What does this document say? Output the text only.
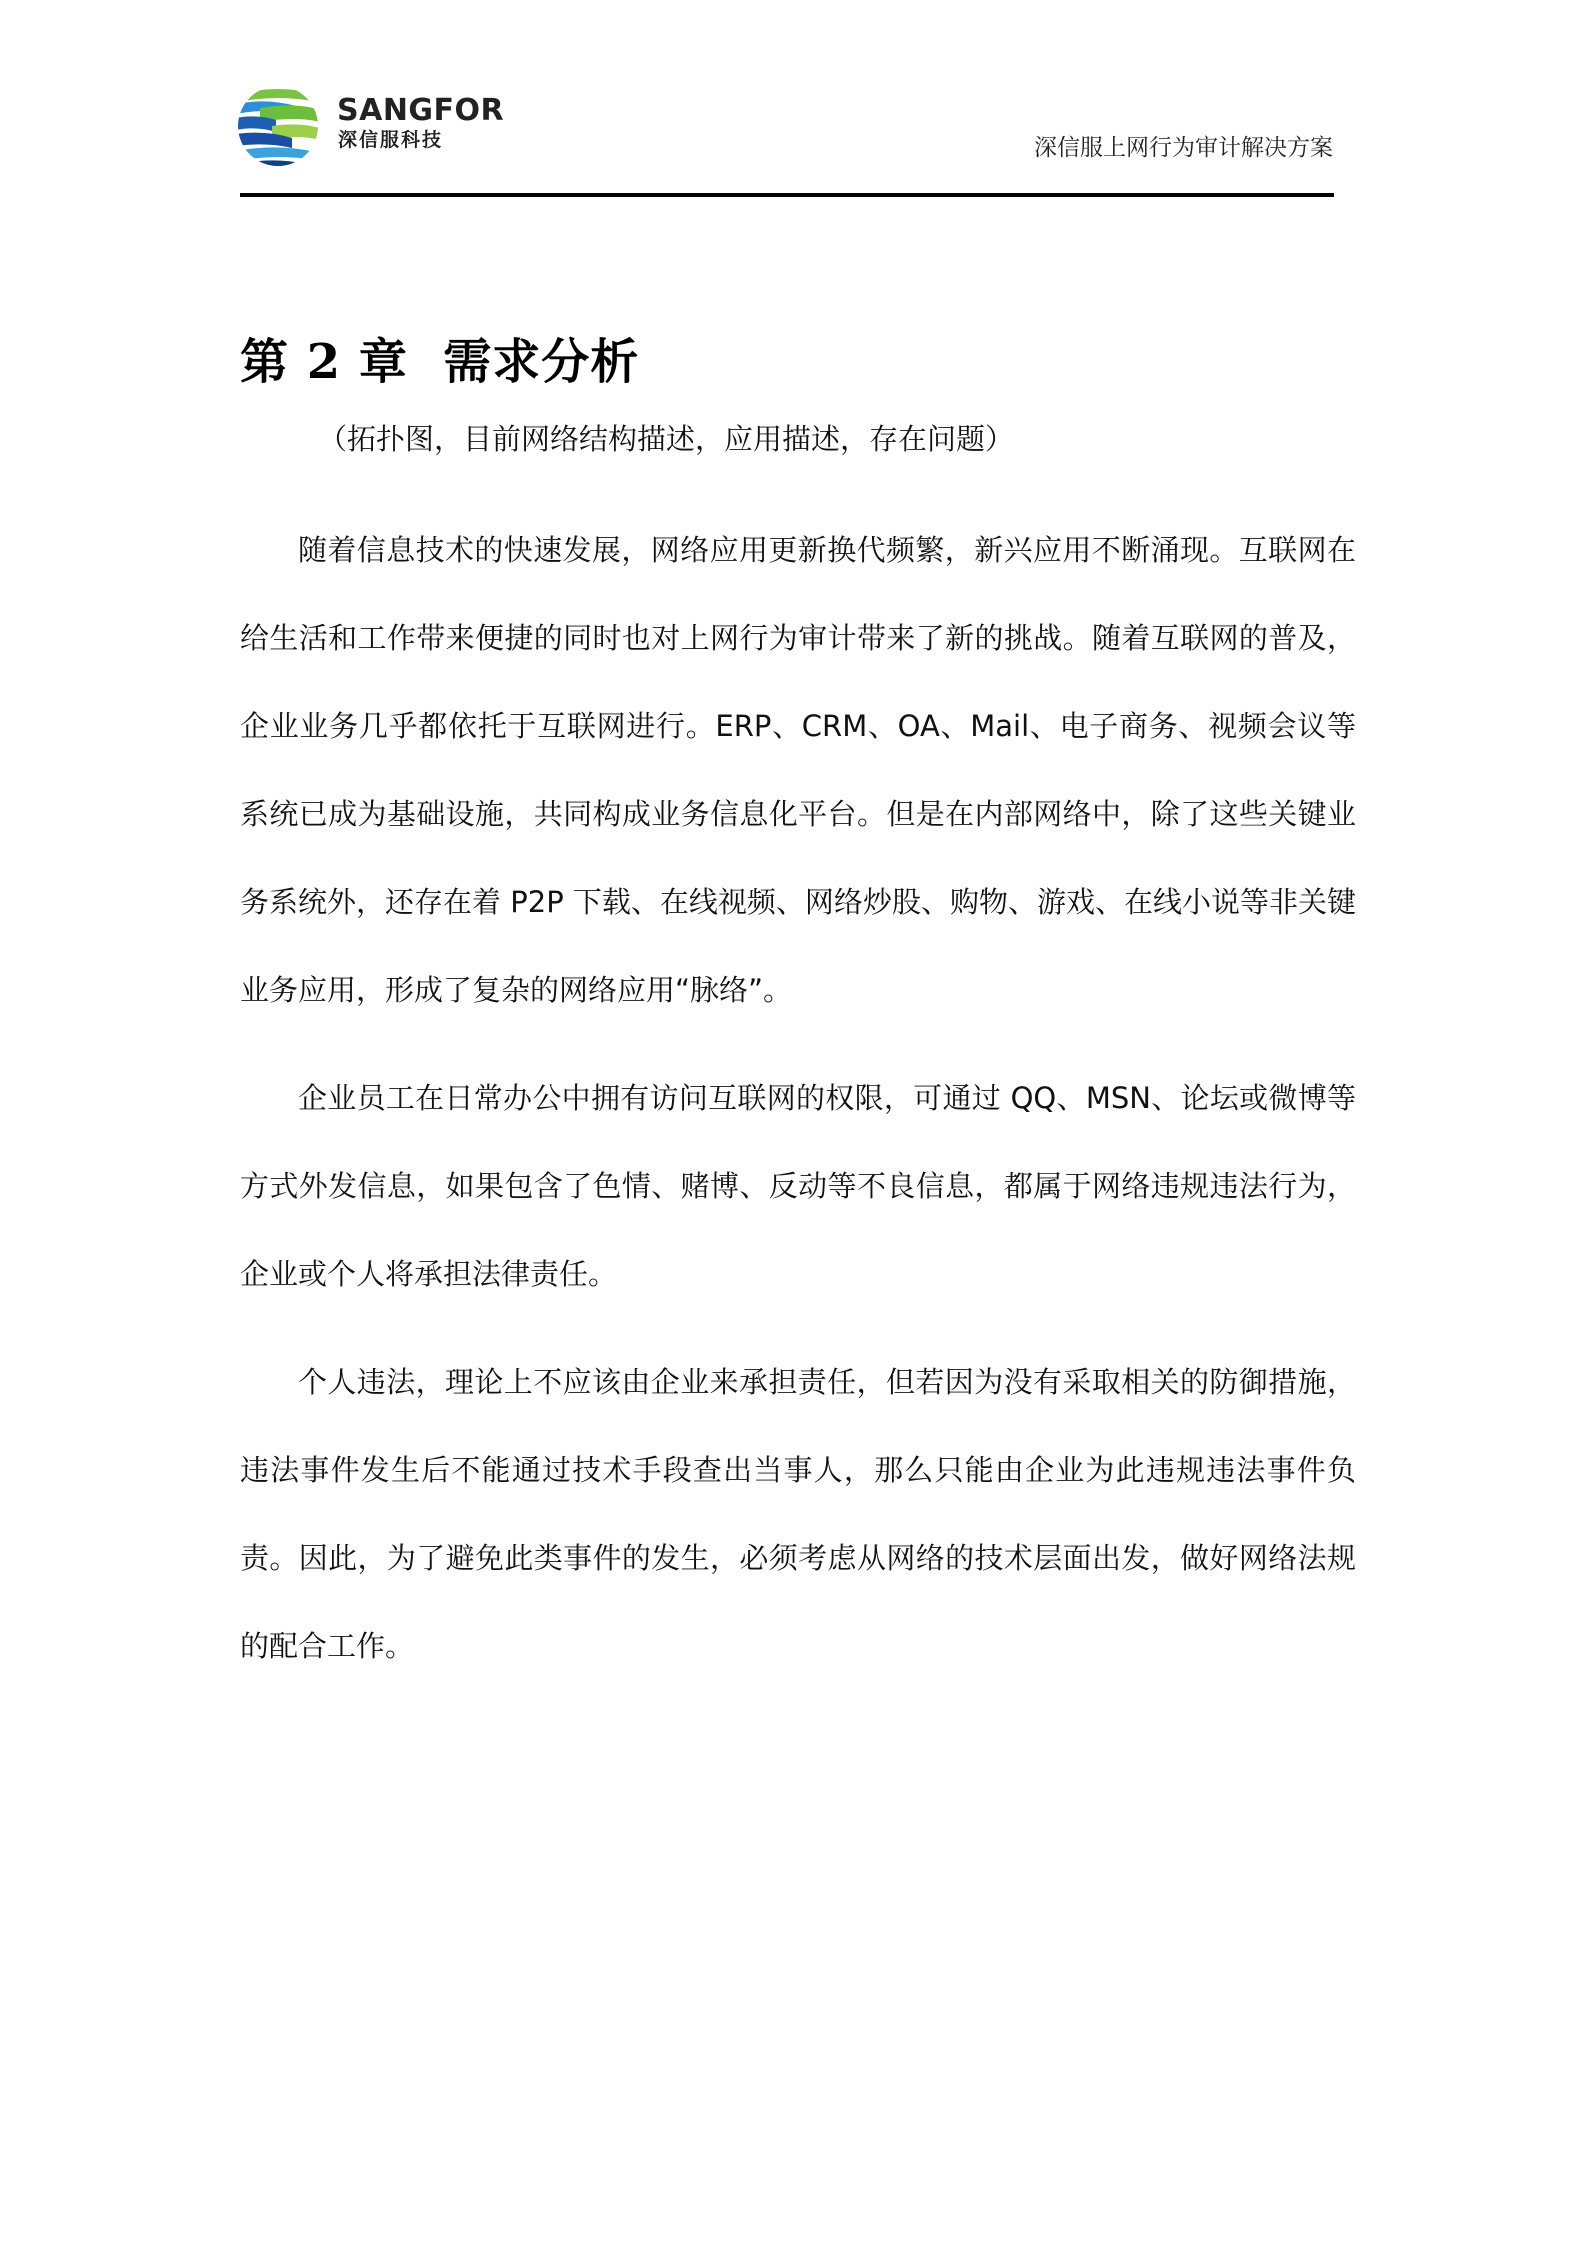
SANGFOR
深信服科技	深信服上网行为审计解决方案
第 2 章 需求分析
（拓扑图，目前网络结构描述，应用描述，存在问题）

随着信息技术的快速发展，网络应用更新换代频繁，新兴应用不断涌现。互联网在给生活和工作带来便捷的同时也对上网行为审计带来了新的挑战。随着互联网的普及，企业业务几乎都依托于互联网进行。ERP、CRM、OA、Mail、电子商务、视频会议等系统已成为基础设施，共同构成业务信息化平台。但是在内部网络中，除了这些关键业务系统外，还存在着 P2P 下载、在线视频、网络炒股、购物、游戏、在线小说等非关键业务应用，形成了复杂的网络应用“脉络”。

企业员工在日常办公中拥有访问互联网的权限，可通过 QQ、MSN、论坛或微博等方式外发信息，如果包含了色情、赌博、反动等不良信息，都属于网络违规违法行为，企业或个人将承担法律责任。

个人违法，理论上不应该由企业来承担责任，但若因为没有采取相关的防御措施，违法事件发生后不能通过技术手段查出当事人，那么只能由企业为此违规违法事件负责。因此，为了避免此类事件的发生，必须考虑从网络的技术层面出发，做好网络法规的配合工作。
